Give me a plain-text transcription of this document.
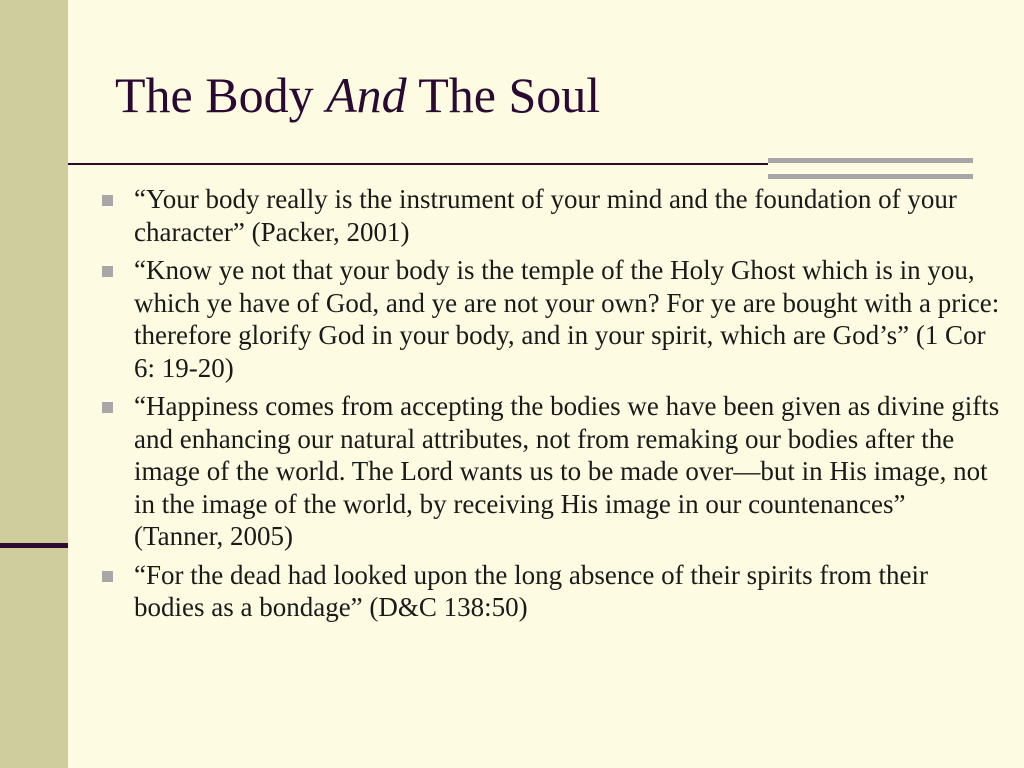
The Body And The Soul
“Your body really is the instrument of your mind and the foundation of your character” (Packer, 2001)
“Know ye not that your body is the temple of the Holy Ghost which is in you, which ye have of God, and ye are not your own? For ye are bought with a price: therefore glorify God in your body, and in your spirit, which are God’s” (1 Cor 6: 19-20)
“Happiness comes from accepting the bodies we have been given as divine gifts and enhancing our natural attributes, not from remaking our bodies after the image of the world. The Lord wants us to be made over—but in His image, not in the image of the world, by receiving His image in our countenances” (Tanner, 2005)
“For the dead had looked upon the long absence of their spirits from their bodies as a bondage” (D&C 138:50)
